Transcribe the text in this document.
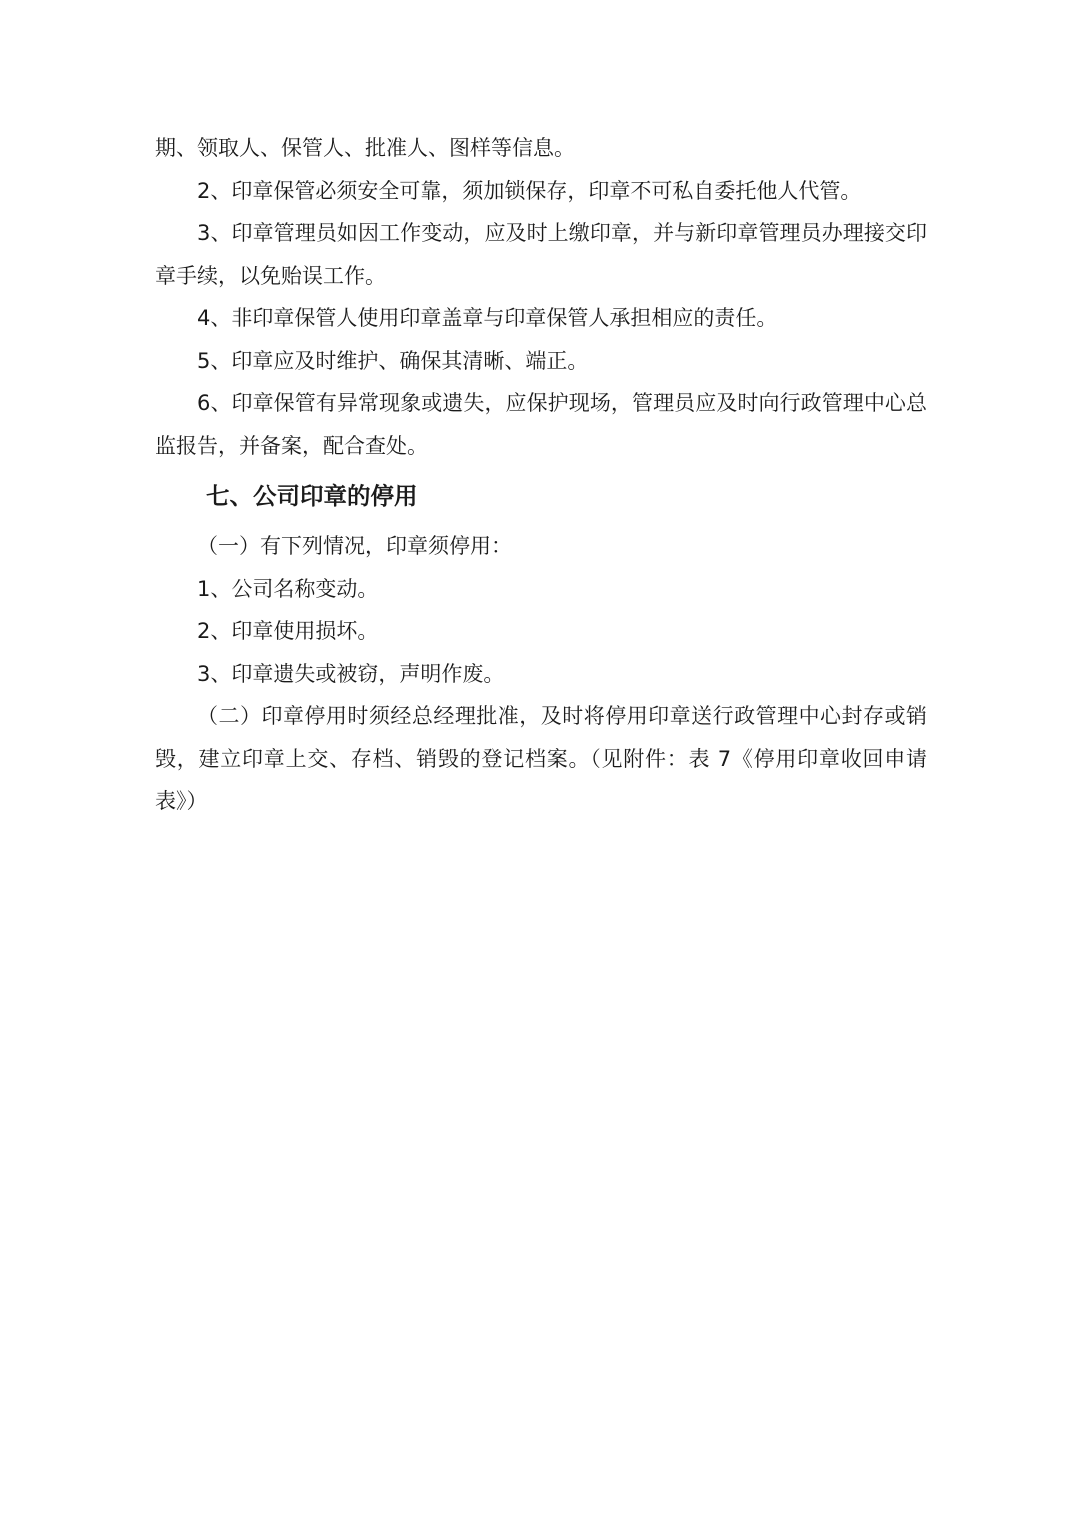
期、领取人、保管人、批准人、图样等信息。

2、印章保管必须安全可靠，须加锁保存，印章不可私自委托他人代管。

3、印章管理员如因工作变动，应及时上缴印章，并与新印章管理员办理接交印章手续，以免贻误工作。

4、非印章保管人使用印章盖章与印章保管人承担相应的责任。

5、印章应及时维护、确保其清晰、端正。

6、印章保管有异常现象或遗失，应保护现场，管理员应及时向行政管理中心总监报告，并备案，配合查处。

七、公司印章的停用

（一）有下列情况，印章须停用：

1、公司名称变动。

2、印章使用损坏。

3、印章遗失或被窃，声明作废。

（二）印章停用时须经总经理批准，及时将停用印章送行政管理中心封存或销毁，建立印章上交、存档、销毁的登记档案。（见附件：表 7《停用印章收回申请表》）
